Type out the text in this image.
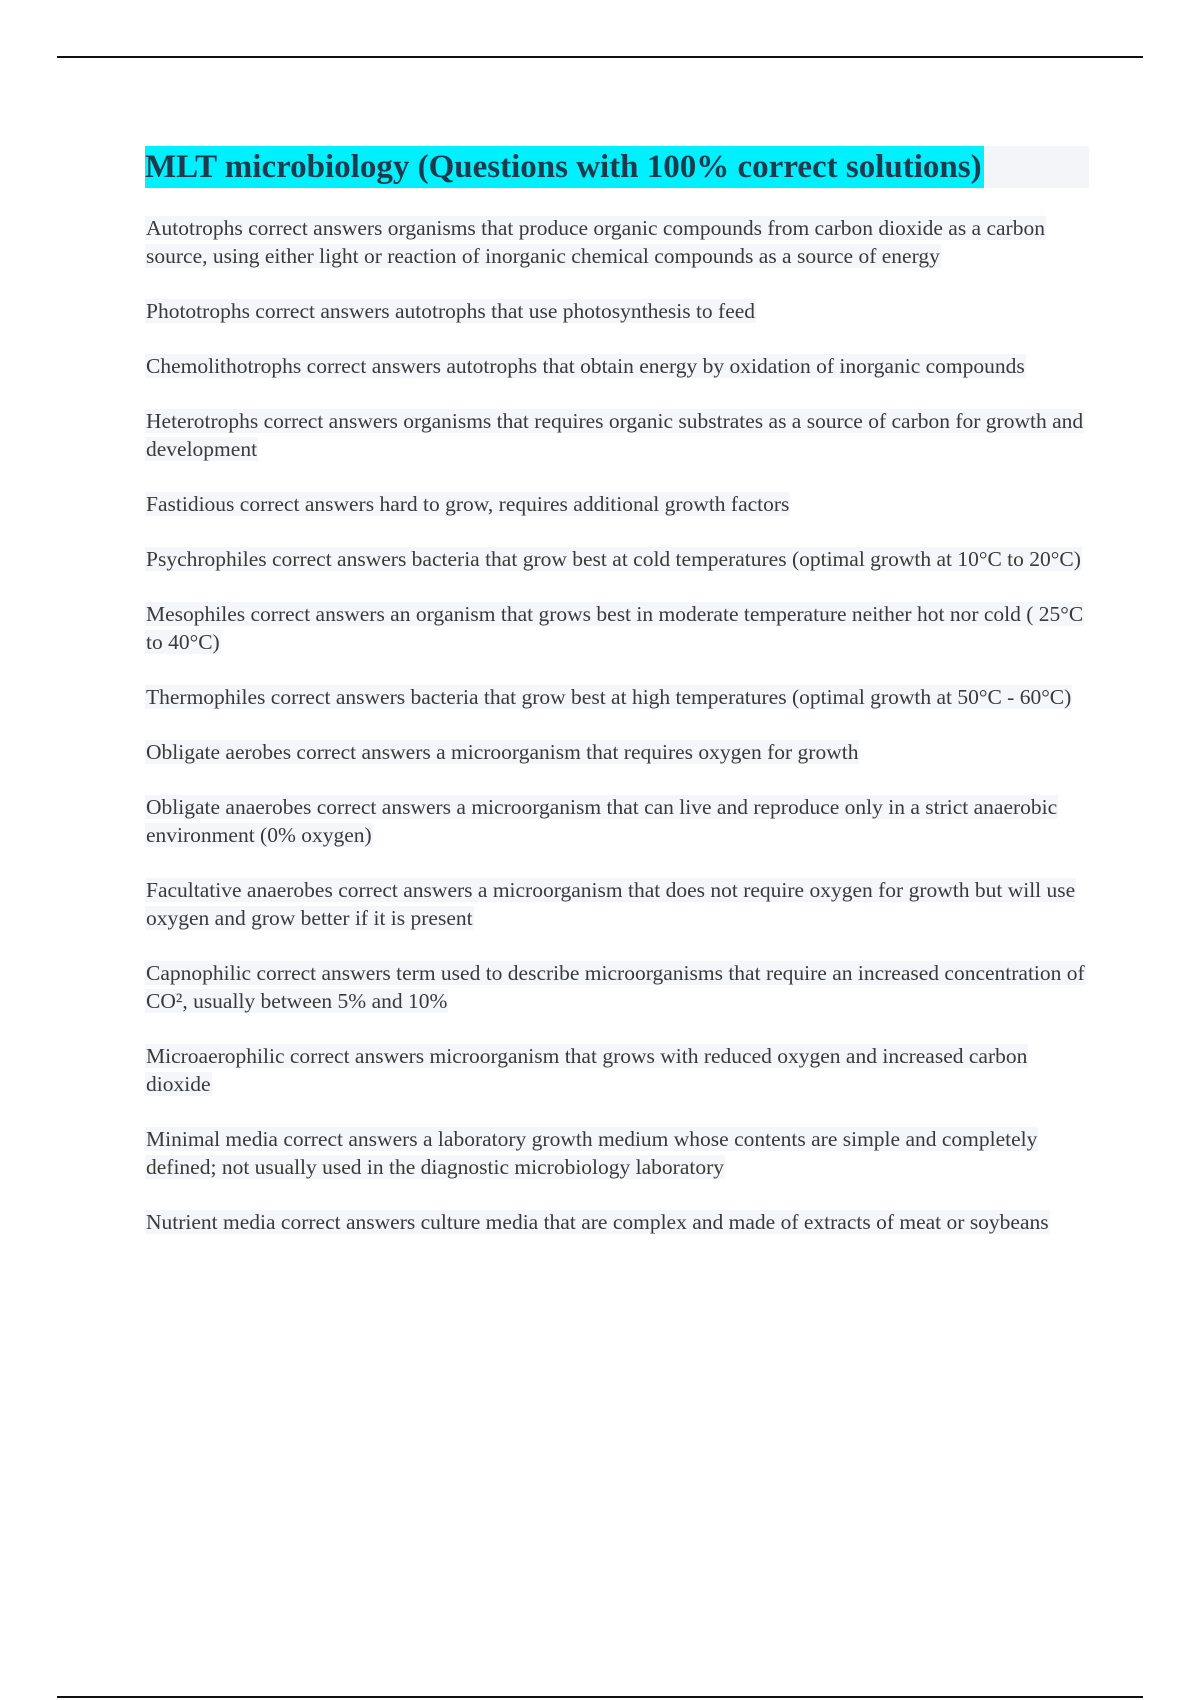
MLT microbiology (Questions with 100% correct solutions)
Autotrophs correct answers organisms that produce organic compounds from carbon dioxide as a carbon source, using either light or reaction of inorganic chemical compounds as a source of energy
Phototrophs correct answers autotrophs that use photosynthesis to feed
Chemolithotrophs correct answers autotrophs that obtain energy by oxidation of inorganic compounds
Heterotrophs correct answers organisms that requires organic substrates as a source of carbon for growth and development
Fastidious correct answers hard to grow, requires additional growth factors
Psychrophiles correct answers bacteria that grow best at cold temperatures (optimal growth at 10°C to 20°C)
Mesophiles correct answers an organism that grows best in moderate temperature neither hot nor cold ( 25°C to 40°C)
Thermophiles correct answers bacteria that grow best at high temperatures (optimal growth at 50°C - 60°C)
Obligate aerobes correct answers a microorganism that requires oxygen for growth
Obligate anaerobes correct answers a microorganism that can live and reproduce only in a strict anaerobic environment (0% oxygen)
Facultative anaerobes correct answers a microorganism that does not require oxygen for growth but will use oxygen and grow better if it is present
Capnophilic correct answers term used to describe microorganisms that require an increased concentration of CO², usually between 5% and 10%
Microaerophilic correct answers microorganism that grows with reduced oxygen and increased carbon dioxide
Minimal media correct answers a laboratory growth medium whose contents are simple and completely defined; not usually used in the diagnostic microbiology laboratory
Nutrient media correct answers culture media that are complex and made of extracts of meat or soybeans
